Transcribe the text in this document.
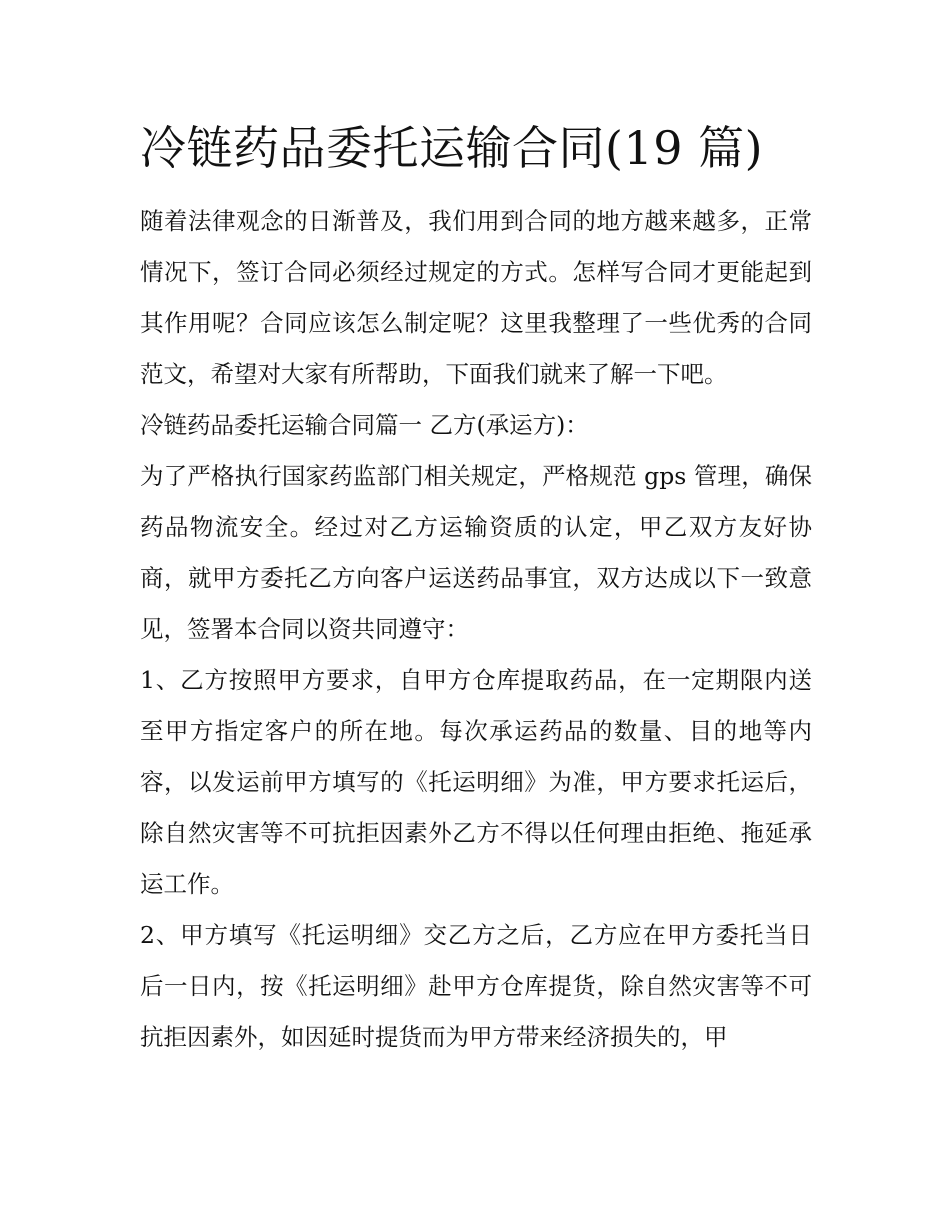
冷链药品委托运输合同(19 篇)

随着法律观念的日渐普及，我们用到合同的地方越来越多，正常情况下，签订合同必须经过规定的方式。怎样写合同才更能起到其作用呢？合同应该怎么制定呢？这里我整理了一些优秀的合同范文，希望对大家有所帮助，下面我们就来了解一下吧。

冷链药品委托运输合同篇一 乙方(承运方)：

为了严格执行国家药监部门相关规定，严格规范 gps 管理，确保药品物流安全。经过对乙方运输资质的认定，甲乙双方友好协商，就甲方委托乙方向客户运送药品事宜，双方达成以下一致意见，签署本合同以资共同遵守：

1、乙方按照甲方要求，自甲方仓库提取药品，在一定期限内送至甲方指定客户的所在地。每次承运药品的数量、目的地等内容，以发运前甲方填写的《托运明细》为准，甲方要求托运后，除自然灾害等不可抗拒因素外乙方不得以任何理由拒绝、拖延承运工作。

2、甲方填写《托运明细》交乙方之后，乙方应在甲方委托当日后一日内，按《托运明细》赴甲方仓库提货，除自然灾害等不可抗拒因素外，如因延时提货而为甲方带来经济损失的，甲
